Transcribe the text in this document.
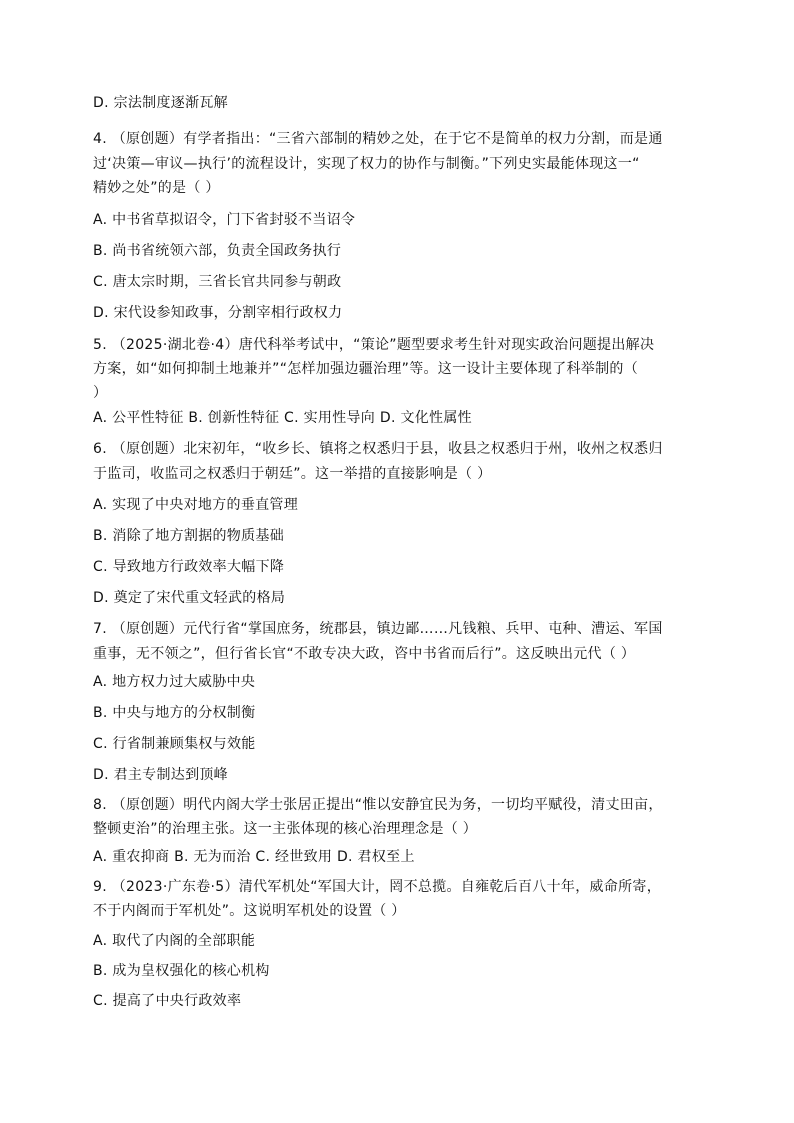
D. 宗法制度逐渐瓦解
4. （原创题）有学者指出：“三省六部制的精妙之处，在于它不是简单的权力分割，而是通
过‘决策—审议—执行’的流程设计，实现了权力的协作与制衡。”下列史实最能体现这一“
精妙之处”的是（ ）
A. 中书省草拟诏令，门下省封驳不当诏令
B. 尚书省统领六部，负责全国政务执行
C. 唐太宗时期，三省长官共同参与朝政
D. 宋代设参知政事，分割宰相行政权力
5. （2025·湖北卷·4）唐代科举考试中，“策论”题型要求考生针对现实政治问题提出解决
方案，如“如何抑制土地兼并”“怎样加强边疆治理”等。这一设计主要体现了科举制的（
）
A. 公平性特征 B. 创新性特征 C. 实用性导向 D. 文化性属性
6. （原创题）北宋初年，“收乡长、镇将之权悉归于县，收县之权悉归于州，收州之权悉归
于监司，收监司之权悉归于朝廷”。这一举措的直接影响是（ ）
A. 实现了中央对地方的垂直管理
B. 消除了地方割据的物质基础
C. 导致地方行政效率大幅下降
D. 奠定了宋代重文轻武的格局
7. （原创题）元代行省“掌国庶务，统郡县，镇边鄙……凡钱粮、兵甲、屯种、漕运、军国
重事，无不领之”，但行省长官“不敢专决大政，咨中书省而后行”。这反映出元代（ ）
A. 地方权力过大威胁中央
B. 中央与地方的分权制衡
C. 行省制兼顾集权与效能
D. 君主专制达到顶峰
8. （原创题）明代内阁大学士张居正提出“惟以安静宜民为务，一切均平赋役，清丈田亩，
整顿吏治”的治理主张。这一主张体现的核心治理理念是（ ）
A. 重农抑商 B. 无为而治 C. 经世致用 D. 君权至上
9. （2023·广东卷·5）清代军机处“军国大计，罔不总揽。自雍乾后百八十年，威命所寄，
不于内阁而于军机处”。这说明军机处的设置（ ）
A. 取代了内阁的全部职能
B. 成为皇权强化的核心机构
C. 提高了中央行政效率
